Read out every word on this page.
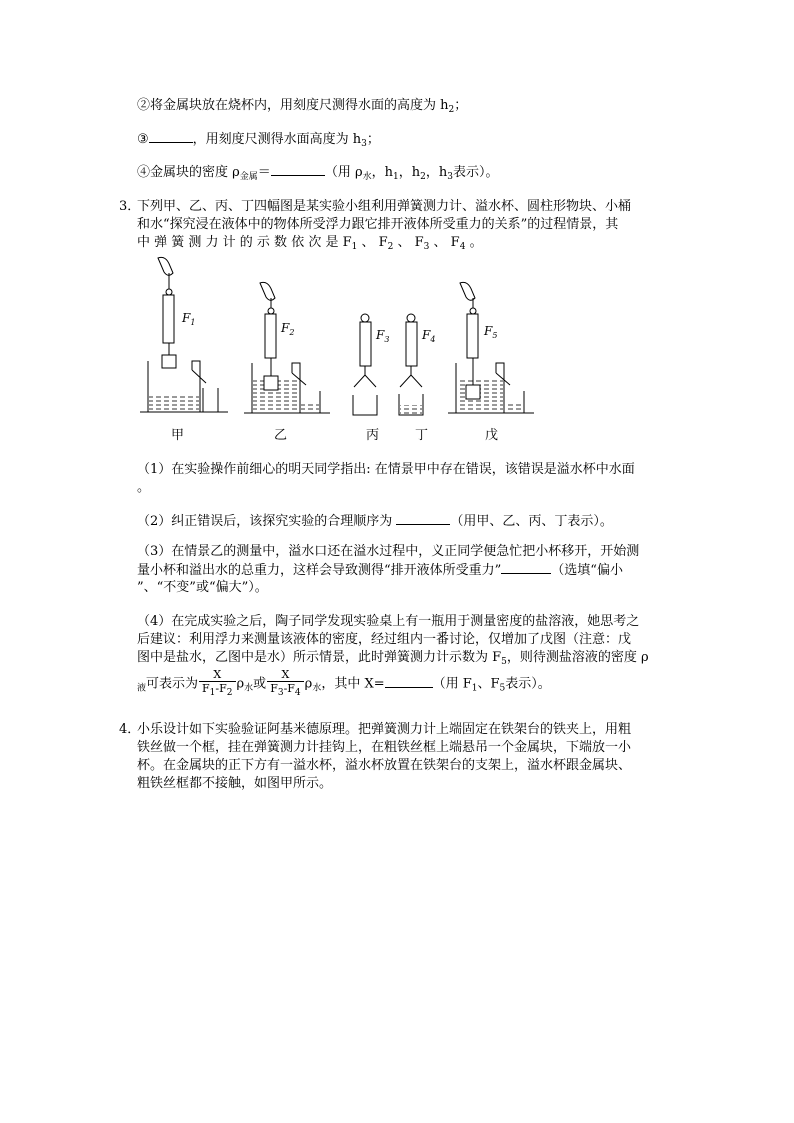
②将金属块放在烧杯内，用刻度尺测得水面的高度为 $h_2$；
③	，用刻度尺测得水面高度为 $h_3$；
④金属块的密度 $\rho_{金属}=$	（用 $\rho_水$，$h_1$，$h_2$，$h_3$表示）。
3．
下列甲、乙、丙、丁四幅图是某实验小组利用弹簧测力计、溢水杯、圆柱形物块、小桶
和水“探究浸在液体中的物体所受浮力跟它排开液体所受重力的关系”的过程情景，其
中 弹 簧 测 力 计 的 示 数 依 次 是 $F_1$ 、 $F_2$ 、 $F_3$ 、 $F_4$ 。
$F_1$	$F_2$	$F_3$	$F_4$
$F_5$
甲	乙	丙	丁	戊
（1）在实验操作前细心的明天同学指出: 在情景甲中存在错误，该错误是溢水杯中水面
。
（2）纠正错误后，该探究实验的合理顺序为	（用甲、乙、丙、丁表示）。
（3）在情景乙的测量中，溢水口还在溢水过程中，义正同学便急忙把小杯移开，开始测
量小杯和溢出水的总重力，这样会导致测得“排开液体所受重力”	（选填“偏小
”、“不变”或“偏大”）。
（4）在完成实验之后，陶子同学发现实验桌上有一瓶用于测量密度的盐溶液，她思考之
后建议：利用浮力来测量该液体的密度，经过组内一番讨论，仅增加了戊图（注意：戊
图中是盐水，乙图中是水）所示情景，此时弹簧测力计示数为 $F_5$，则待测盐溶液的密度 ρ
$_液$可表示为 $\frac{X}{F_1-F_2} \rho_水$或 $\frac{X}{F_3-F_4} \rho_水$，其中 X=	（用 $F_1$、$F_5$表示）。
4．
小乐设计如下实验验证阿基米德原理。把弹簧测力计上端固定在铁架台的铁夹上，用粗
铁丝做一个框，挂在弹簧测力计挂钩上，在粗铁丝框上端悬吊一个金属块，下端放一小
杯。在金属块的正下方有一溢水杯，溢水杯放置在铁架台的支架上，溢水杯跟金属块、
粗铁丝框都不接触，如图甲所示。
